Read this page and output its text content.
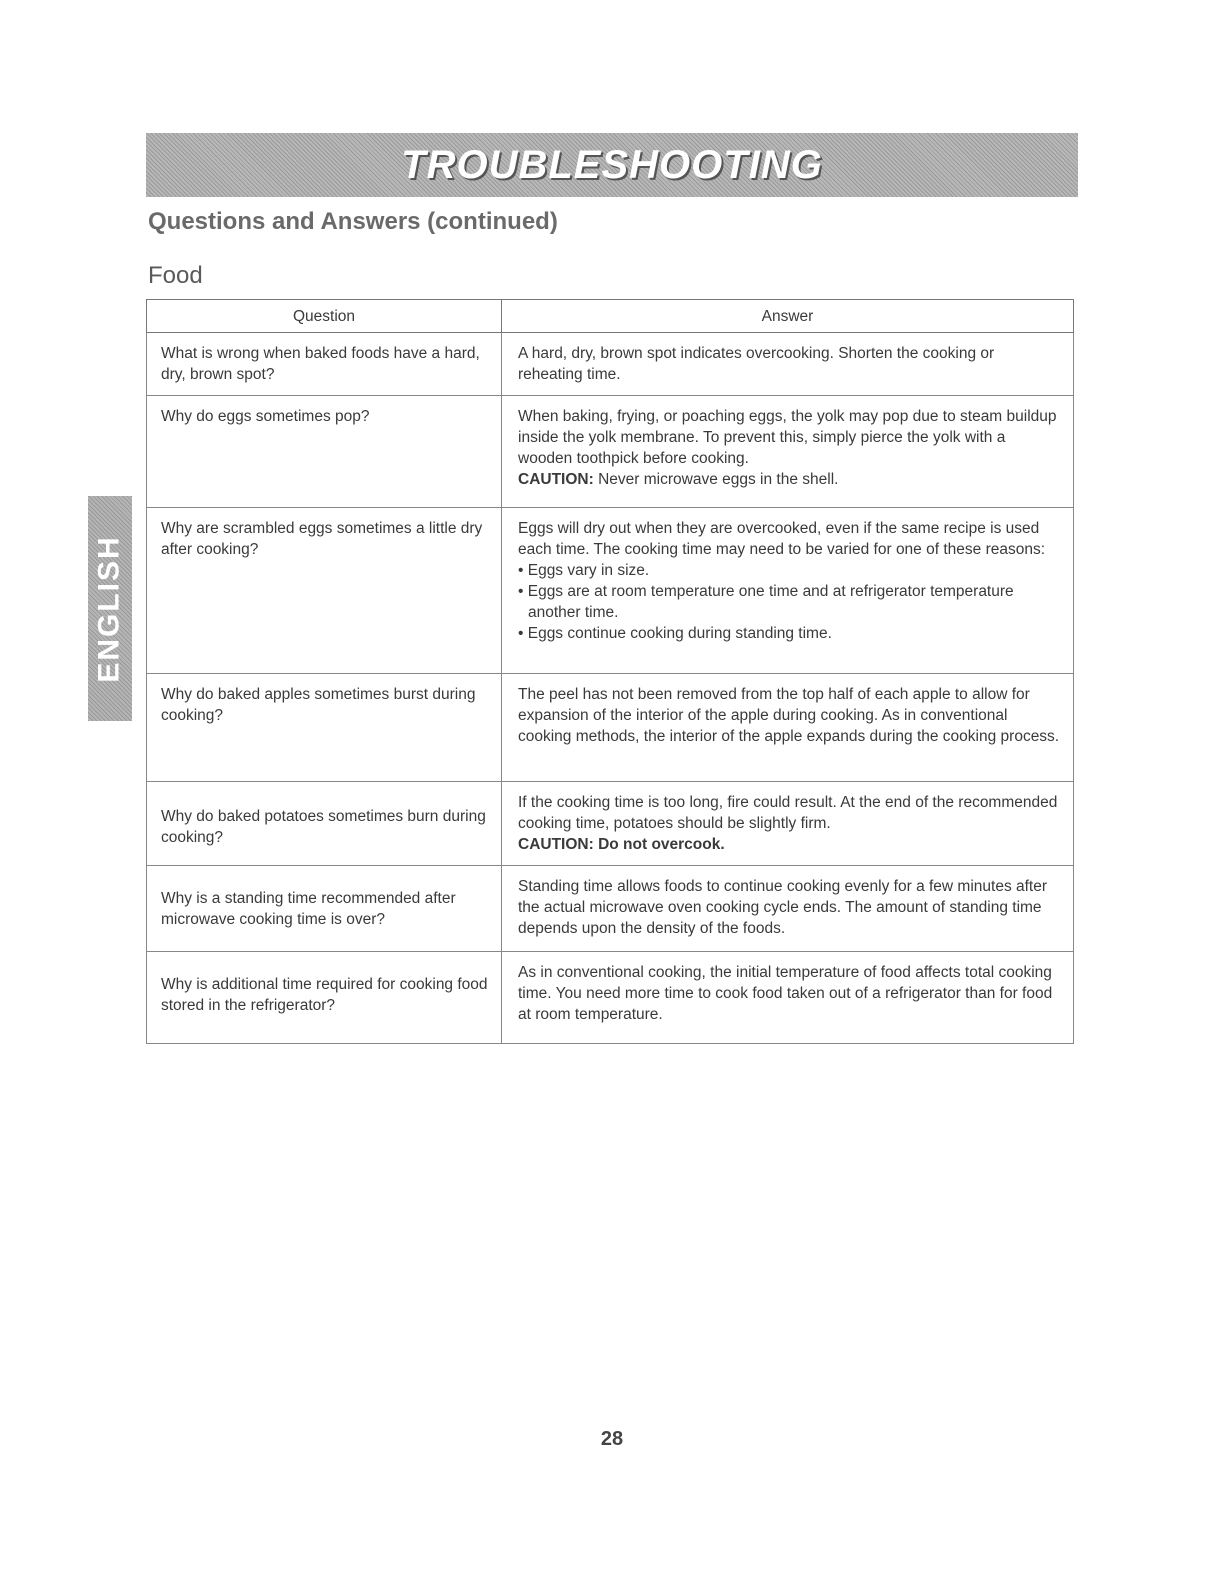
TROUBLESHOOTING
Questions and Answers (continued)
Food
ENGLISH
Question	Answer
What is wrong when baked foods have a hard, dry, brown spot?	A hard, dry, brown spot indicates overcooking. Shorten the cooking or reheating time.
Why do eggs sometimes pop?	When baking, frying, or poaching eggs, the yolk may pop due to steam buildup inside the yolk membrane. To prevent this, simply pierce the yolk with a wooden toothpick before cooking.
CAUTION: Never microwave eggs in the shell.

Why are scrambled eggs sometimes a little dry after cooking?	Eggs will dry out when they are overcooked, even if the same recipe is used each time. The cooking time may need to be varied for one of these reasons:
• Eggs vary in size.
• Eggs are at room temperature one time and at refrigerator temperature another time.
• Eggs continue cooking during standing time.

Why do baked apples sometimes burst during cooking?	The peel has not been removed from the top half of each apple to allow for expansion of the interior of the apple during cooking. As in conventional cooking methods, the interior of the apple expands during the cooking process.
Why do baked potatoes sometimes burn during cooking?	If the cooking time is too long, fire could result. At the end of the recommended cooking time, potatoes should be slightly firm.
CAUTION: Do not overcook.

Why is a standing time recommended after microwave cooking time is over?	Standing time allows foods to continue cooking evenly for a few minutes after the actual microwave oven cooking cycle ends. The amount of standing time depends upon the density of the foods.
Why is additional time required for cooking food stored in the refrigerator?	As in conventional cooking, the initial temperature of food affects total cooking time. You need more time to cook food taken out of a refrigerator than for food at room temperature.
28
